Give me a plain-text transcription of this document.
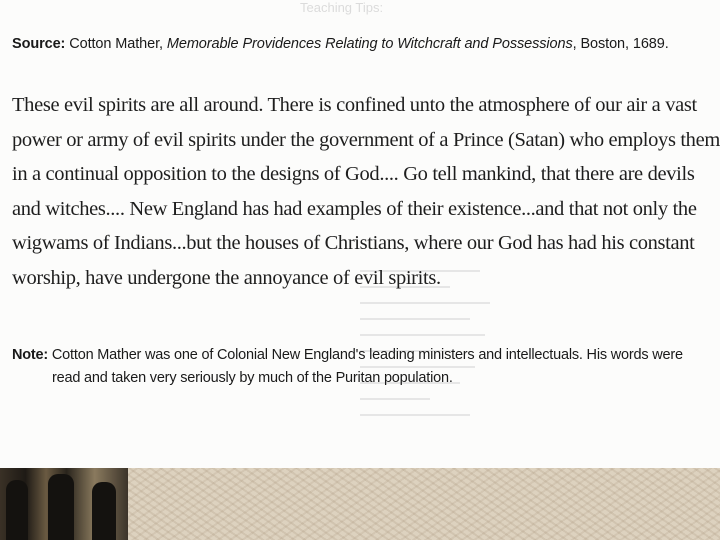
Teaching Tips:
Source: Cotton Mather, Memorable Providences Relating to Witchcraft and Possessions, Boston, 1689.
These evil spirits are all around. There is confined unto the atmosphere of our air a vast
power or army of evil spirits under the government of a Prince (Satan) who employs them
in a continual opposition to the designs of God.... Go tell mankind, that there are devils
and witches.... New England has had examples of their existence...and that not only the
wigwams of Indians...but the houses of Christians, where our God has had his constant
worship, have undergone the annoyance of evil spirits.
Note: Cotton Mather was one of Colonial New England's leading ministers and intellectuals. His words were
read and taken very seriously by much of the Puritan population.
